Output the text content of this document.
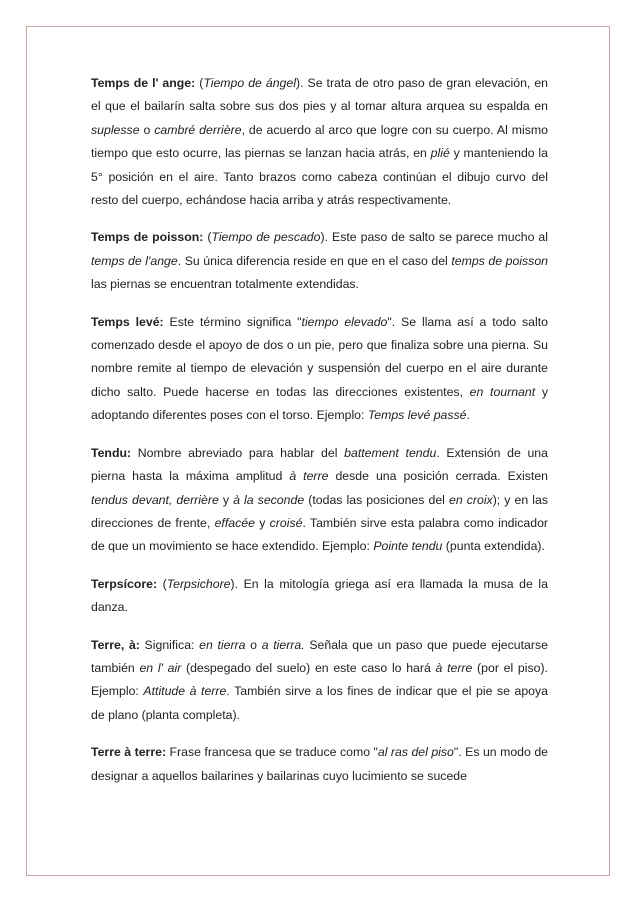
Temps de l' ange: (Tiempo de ángel). Se trata de otro paso de gran elevación, en el que el bailarín salta sobre sus dos pies y al tomar altura arquea su espalda en suplesse o cambré derrière, de acuerdo al arco que logre con su cuerpo. Al mismo tiempo que esto ocurre, las piernas se lanzan hacia atrás, en plié y manteniendo la 5° posición en el aire. Tanto brazos como cabeza continúan el dibujo curvo del resto del cuerpo, echándose hacia arriba y atrás respectivamente.

Temps de poisson: (Tiempo de pescado). Este paso de salto se parece mucho al temps de l'ange. Su única diferencia reside en que en el caso del temps de poisson las piernas se encuentran totalmente extendidas.

Temps levé: Este término significa "tiempo elevado". Se llama así a todo salto comenzado desde el apoyo de dos o un pie, pero que finaliza sobre una pierna. Su nombre remite al tiempo de elevación y suspensión del cuerpo en el aire durante dicho salto. Puede hacerse en todas las direcciones existentes, en tournant y adoptando diferentes poses con el torso. Ejemplo: Temps levé passé.

Tendu: Nombre abreviado para hablar del battement tendu. Extensión de una pierna hasta la máxima amplitud à terre desde una posición cerrada. Existen tendus devant, derrière y à la seconde (todas las posiciones del en croix); y en las direcciones de frente, effacée y croisé. También sirve esta palabra como indicador de que un movimiento se hace extendido. Ejemplo: Pointe tendu (punta extendida).

Terpsícore: (Terpsichore). En la mitología griega así era llamada la musa de la danza.

Terre, à: Significa: en tierra o a tierra. Señala que un paso que puede ejecutarse también en l' air (despegado del suelo) en este caso lo hará à terre (por el piso). Ejemplo: Attitude à terre. También sirve a los fines de indicar que el pie se apoya de plano (planta completa).

Terre à terre: Frase francesa que se traduce como "al ras del piso". Es un modo de designar a aquellos bailarines y bailarinas cuyo lucimiento se sucede
